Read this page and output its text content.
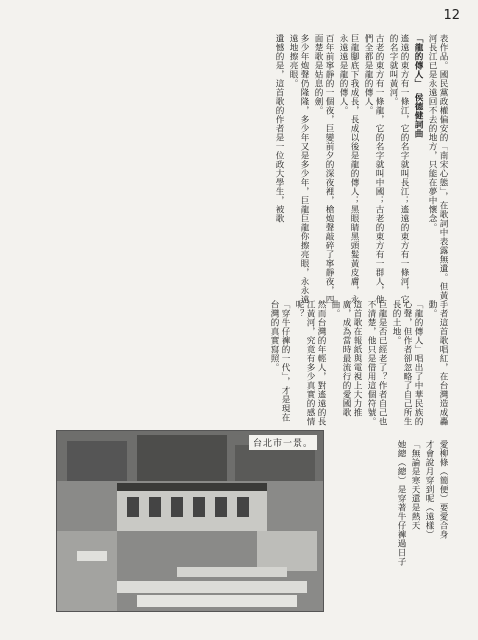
12

表作品。國民黨政權偏安的「南宋心態」，在歌詞中表露無遺。但黃河長江已是永遠回不去的地方，只能在夢中懷念。

「龍的傳人」　侯德健詞曲

遙遠的東方有一條江，它的名字就叫長江；遙遠的東方有一條河，它的名字就叫黃河。

古老的東方有一條龍，它的名字就叫中國；古老的東方有一群人，他們全都是龍的傳人。

巨龍腳底下我成長，長成以後是龍的傳人；黑眼睛黑頭髮黃皮膚，永永遠遠是龍的傳人。

百年前寧靜的一個夜，巨變前夕的深夜裡，槍炮聲敲碎了寧靜夜，四面楚歌是姑息的劍。

多少年炮聲仍隆隆，多少年又是多少年，巨龍巨龍你擦亮眼，永永遠遠地擦亮眼。

遺憾的是，這首歌的作者是一位政大學生，被歌

手者這首歌唱紅，在台灣造成轟動。

「龍的傳人」唱出了中華民族的心聲，但作者卻忽略了自己所生長的土地。

巨龍是否已經老了？作者自己也不清楚，他只是借用這個符號。

這首歌在報紙與電視上大力推廣，成為當時最流行的愛國歌曲。

然而台灣的年輕人，對遙遠的長江黃河，究竟有多少真實的感情呢？

「穿牛仔褲的一代」，才是現在台灣的真實寫照。

愛柳條（簡便）要愛合身

才會說月穿到呢（遠樣）

「無論是寒天還是熱天

她總（總）是穿著牛仔褲過日子

台北市一景。
